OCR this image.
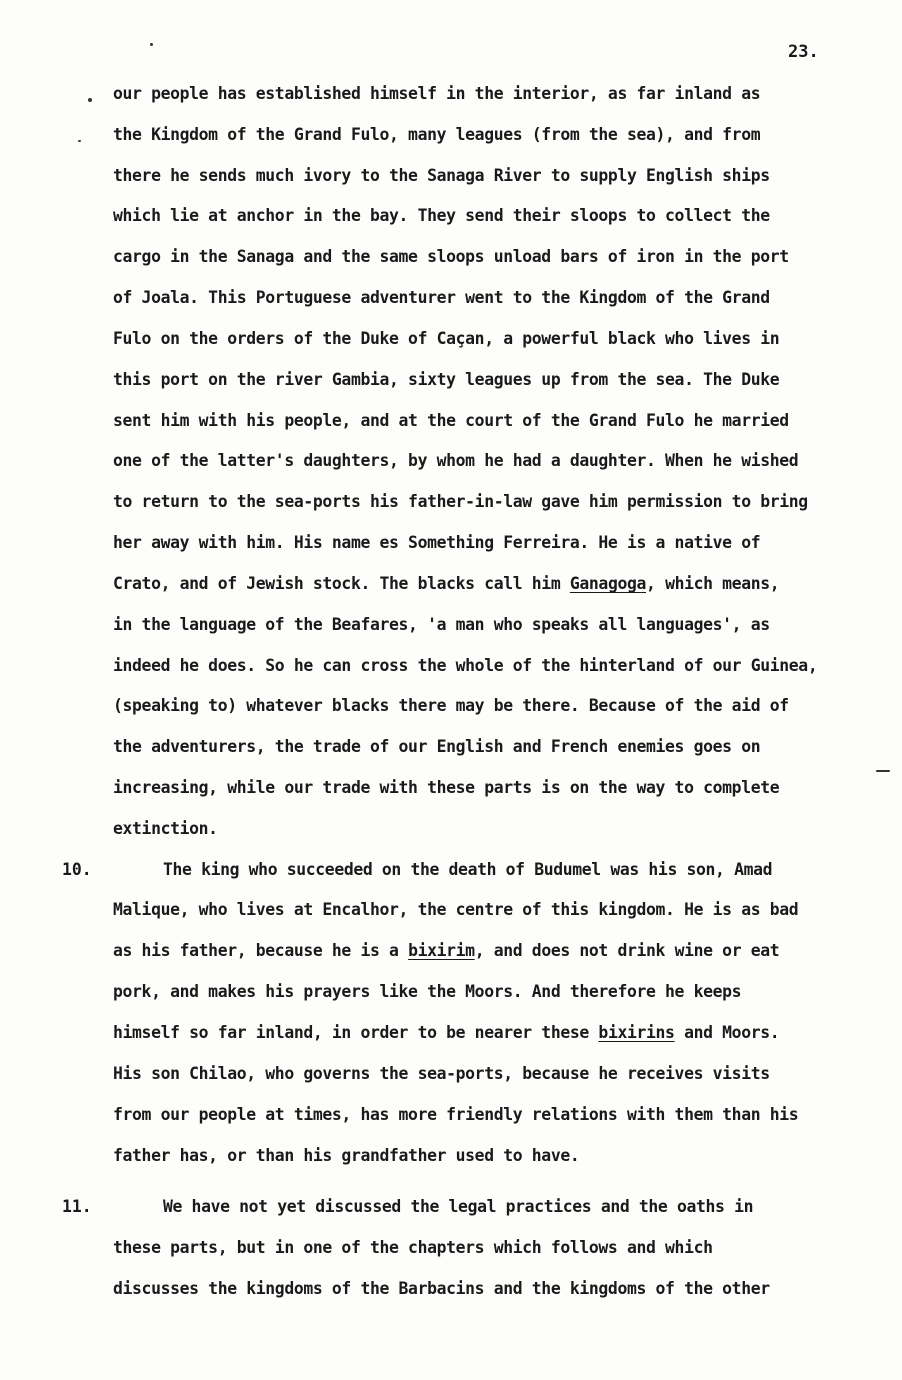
23.
our people has established himself in the interior, as far inland as
the Kingdom of the Grand Fulo, many leagues (from the sea), and from
there he sends much ivory to the Sanaga River to supply English ships
which lie at anchor in the bay. They send their sloops to collect the
cargo in the Sanaga and the same sloops unload bars of iron in the port
of Joala. This Portuguese adventurer went to the Kingdom of the Grand
Fulo on the orders of the Duke of Caçan, a powerful black who lives in
this port on the river Gambia, sixty leagues up from the sea. The Duke
sent him with his people, and at the court of the Grand Fulo he married
one of the latter's daughters, by whom he had a daughter. When he wished
to return to the sea-ports his father-in-law gave him permission to bring
her away with him. His name es Something Ferreira. He is a native of
Crato, and of Jewish stock. The blacks call him Ganagoga, which means,
in the language of the Beafares, 'a man who speaks all languages', as
indeed he does. So he can cross the whole of the hinterland of our Guinea,
(speaking to) whatever blacks there may be there. Because of the aid of
the adventurers, the trade of our English and French enemies goes on
increasing, while our trade with these parts is on the way to complete
extinction.
10.	The king who succeeded on the death of Budumel was his son, Amad
Malique, who lives at Encalhor, the centre of this kingdom. He is as bad
as his father, because he is a bixirim, and does not drink wine or eat
pork, and makes his prayers like the Moors. And therefore he keeps
himself so far inland, in order to be nearer these bixirins and Moors.
His son Chilao, who governs the sea-ports, because he receives visits
from our people at times, has more friendly relations with them than his
father has, or than his grandfather used to have.
11.	We have not yet discussed the legal practices and the oaths in
these parts, but in one of the chapters which follows and which
discusses the kingdoms of the Barbacins and the kingdoms of the other
